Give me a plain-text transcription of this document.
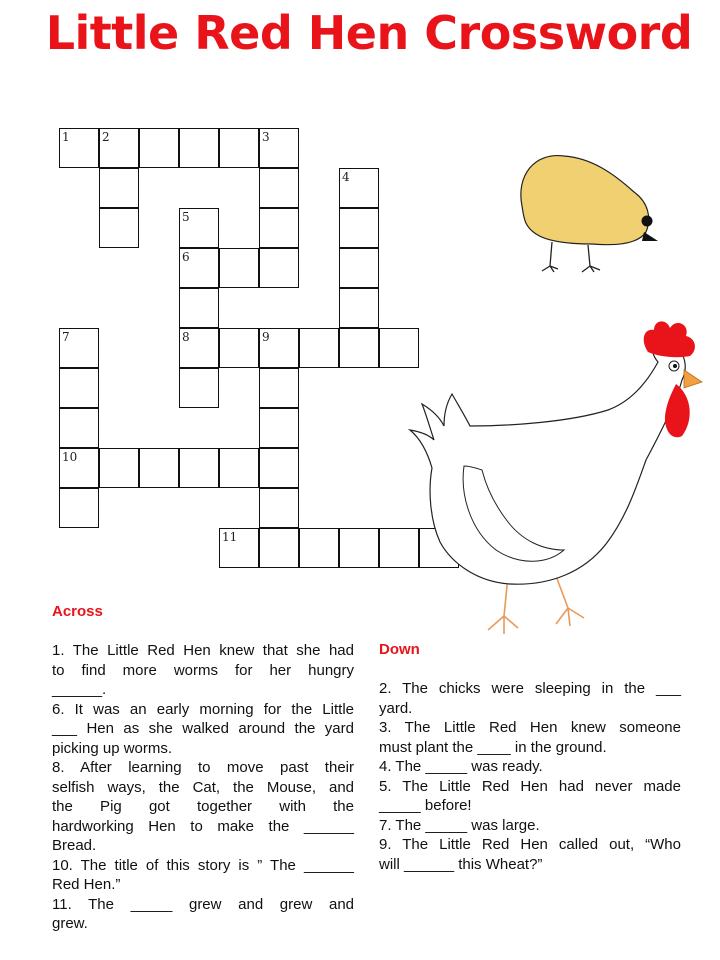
Little Red Hen Crossword
1	2	3
4
5
6
7	8	9
10
11
Across
1. The Little Red Hen knew that she had
to find more worms for her hungry
______.
6. It was an early morning for the Little
___ Hen as she walked around the yard
picking up worms.
8. After learning to move past their
selfish ways, the Cat, the Mouse, and
the Pig got together with the
hardworking Hen to make the ______
Bread.
10. The title of this story is ” The ______
Red Hen.”
11. The _____ grew and grew and
grew.
Down
2. The chicks were sleeping in the ___
yard.
3. The Little Red Hen knew someone
must plant the ____ in the ground.
4. The _____ was ready.
5. The Little Red Hen had never made
_____ before!
7. The _____ was large.
9. The Little Red Hen called out, “Who
will ______ this Wheat?”
